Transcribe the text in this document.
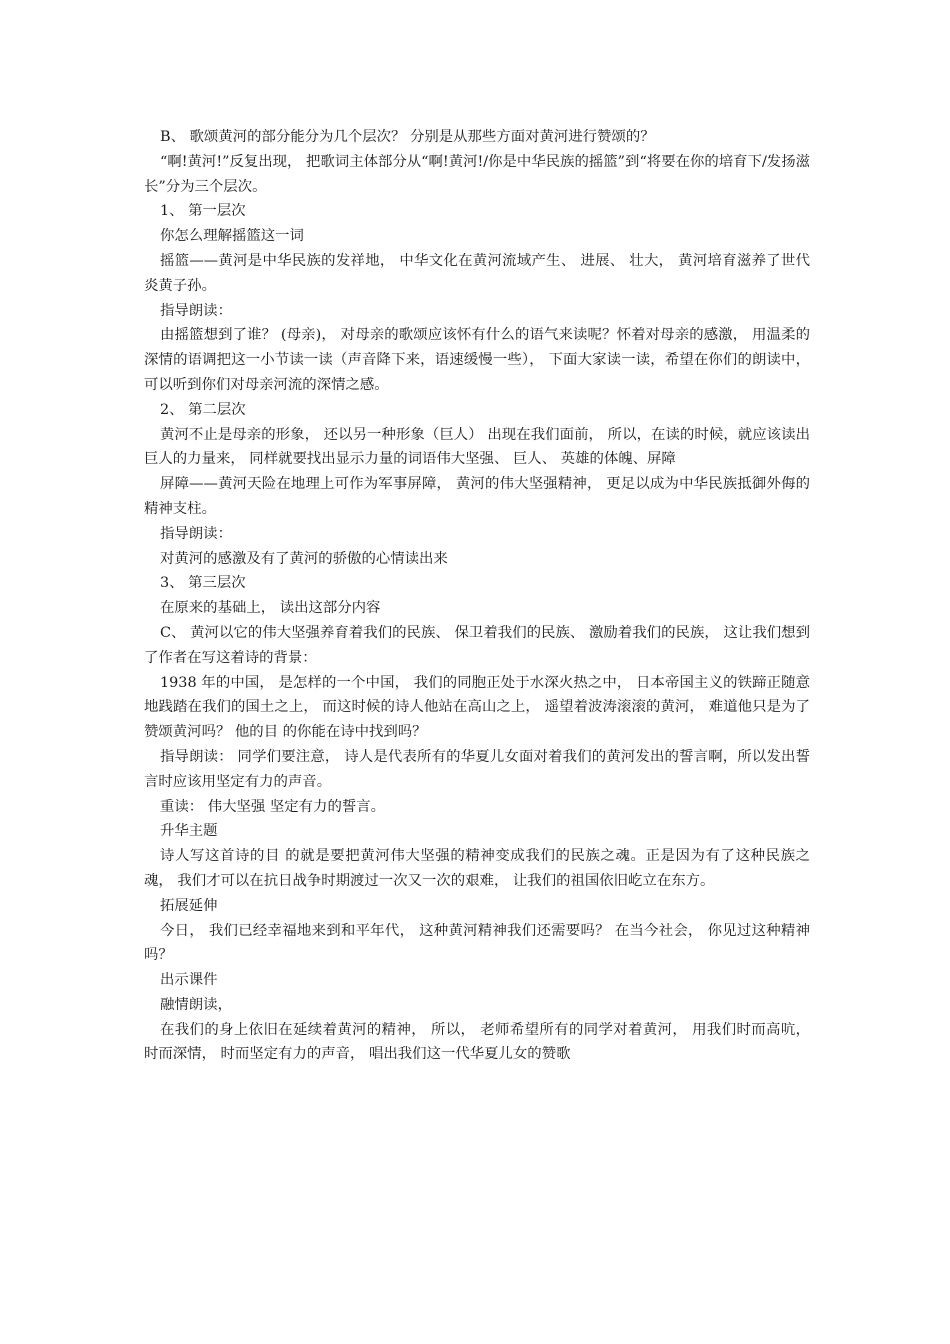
B、 歌颂黄河的部分能分为几个层次？ 分别是从那些方面对黄河进行赞颂的？

“啊!黄河!”反复出现， 把歌词主体部分从“啊!黄河!/你是中华民族的摇篮”到“将要在你的培育下/发扬滋长”分为三个层次。

1、 第一层次

你怎么理解摇篮这一词

摇篮——黄河是中华民族的发祥地， 中华文化在黄河流域产生、 进展、 壮大， 黄河培育滋养了世代炎黄子孙。

指导朗读：

由摇篮想到了谁？ (母亲)， 对母亲的歌颂应该怀有什么的语气来读呢？怀着对母亲的感激， 用温柔的深情的语调把这一小节读一读（声音降下来，语速缓慢一些）， 下面大家读一读，希望在你们的朗读中， 可以听到你们对母亲河流的深情之感。

2、 第二层次

黄河不止是母亲的形象， 还以另一种形象（巨人） 出现在我们面前， 所以，在读的时候，就应该读出巨人的力量来， 同样就要找出显示力量的词语伟大坚强、 巨人、 英雄的体魄、屏障

屏障——黄河天险在地理上可作为军事屏障， 黄河的伟大坚强精神， 更足以成为中华民族抵御外侮的精神支柱。

指导朗读：

对黄河的感激及有了黄河的骄傲的心情读出来

3、 第三层次

在原来的基础上， 读出这部分内容

C、 黄河以它的伟大坚强养育着我们的民族、 保卫着我们的民族、 激励着我们的民族， 这让我们想到了作者在写这着诗的背景：

1938 年的中国， 是怎样的一个中国， 我们的同胞正处于水深火热之中， 日本帝国主义的铁蹄正随意地践踏在我们的国土之上， 而这时候的诗人他站在高山之上， 遥望着波涛滚滚的黄河， 难道他只是为了赞颂黄河吗？ 他的目 的你能在诗中找到吗？

指导朗读： 同学们要注意， 诗人是代表所有的华夏儿女面对着我们的黄河发出的誓言啊，所以发出誓言时应该用坚定有力的声音。

重读： 伟大坚强 坚定有力的誓言。

升华主题

诗人写这首诗的目 的就是要把黄河伟大坚强的精神变成我们的民族之魂。正是因为有了这种民族之魂， 我们才可以在抗日战争时期渡过一次又一次的艰难， 让我们的祖国依旧屹立在东方。

拓展延伸

今日， 我们已经幸福地来到和平年代， 这种黄河精神我们还需要吗？ 在当今社会， 你见过这种精神吗？

出示课件

融情朗读，

在我们的身上依旧在延续着黄河的精神， 所以， 老师希望所有的同学对着黄河， 用我们时而高吭， 时而深情， 时而坚定有力的声音， 唱出我们这一代华夏儿女的赞歌
